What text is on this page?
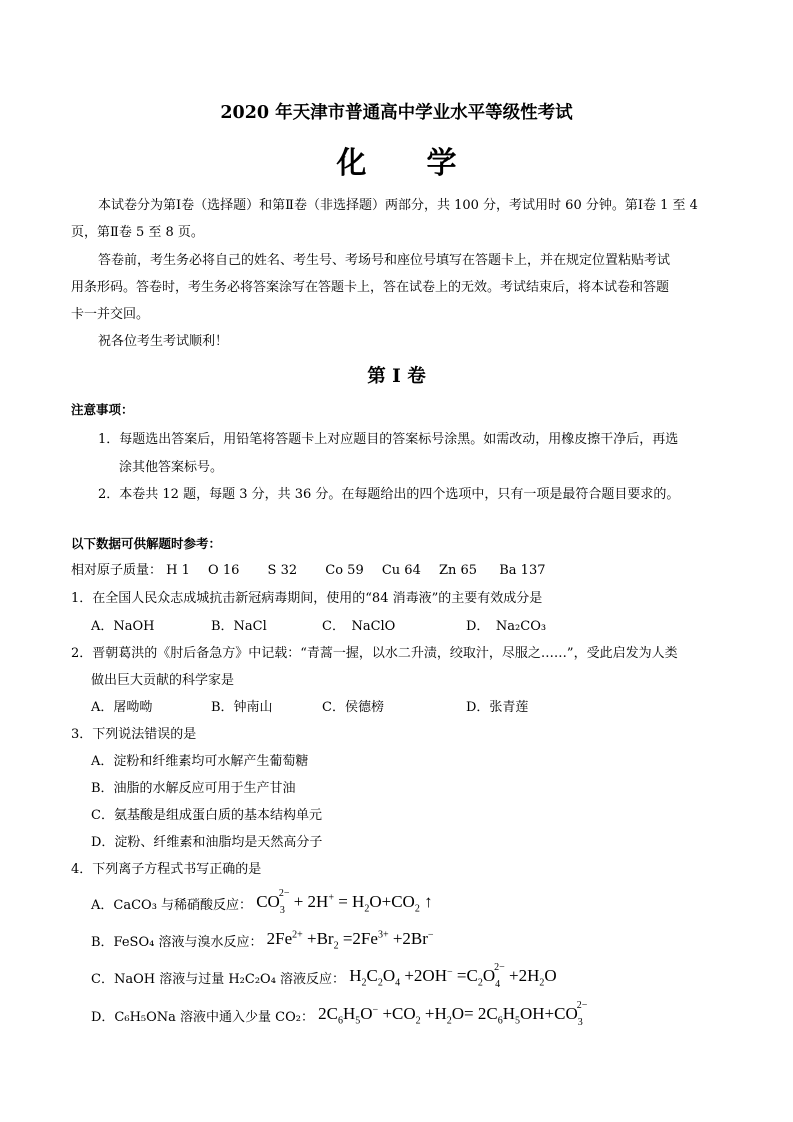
2020 年天津市普通高中学业水平等级性考试
化 学
本试卷分为第Ⅰ卷（选择题）和第Ⅱ卷（非选择题）两部分，共 100 分，考试用时 60 分钟。第Ⅰ卷 1 至 4
页，第Ⅱ卷 5 至 8 页。
答卷前，考生务必将自己的姓名、考生号、考场号和座位号填写在答题卡上，并在规定位置粘贴考试
用条形码。答卷时，考生务必将答案涂写在答题卡上，答在试卷上的无效。考试结束后，将本试卷和答题
卡一并交回。
祝各位考生考试顺利！
第 I 卷
注意事项：
1．每题选出答案后，用铅笔将答题卡上对应题目的答案标号涂黑。如需改动，用橡皮擦干净后，再选
涂其他答案标号。
2．本卷共 12 题，每题 3 分，共 36 分。在每题给出的四个选项中，只有一项是最符合题目要求的。
以下数据可供解题时参考：
相对原子质量： H 1 O 16 S 32 Co 59 Cu 64 Zn 65 Ba 137
1．在全国人民众志成城抗击新冠病毒期间，使用的“84 消毒液”的主要有效成分是
A．NaOH	B．NaCl	C．　NaClO	D．　Na₂CO₃
2．晋朝葛洪的《肘后备急方》中记载：“青蒿一握，以水二升渍，绞取汁，尽服之……”，受此启发为人类
做出巨大贡献的科学家是
A．屠呦呦	B．钟南山	C．侯德榜	D．张青莲
3．下列说法错误的是
A．淀粉和纤维素均可水解产生葡萄糖
B．油脂的水解反应可用于生产甘油
C．氨基酸是组成蛋白质的基本结构单元
D．淀粉、纤维素和油脂均是天然高分子
4．下列离子方程式书写正确的是
A．CaCO₃ 与稀硝酸反应： $CO_3^{2-} + 2H^+ = H_2O+CO_2$ ↑
B．FeSO₄ 溶液与溴水反应： $2Fe^{2+} +Br_2 =2Fe^{3+} +2Br^-$
C．NaOH 溶液与过量 H₂C₂O₄ 溶液反应： $H_2C_2O_4 +2OH^- =C_2O_4^{2-} +2H_2O$
D．C₆H₅ONa 溶液中通入少量 CO₂： $2C_6H_5O^- +CO_2 +H_2O= 2C_6H_5OH+CO_3^{2-}$
